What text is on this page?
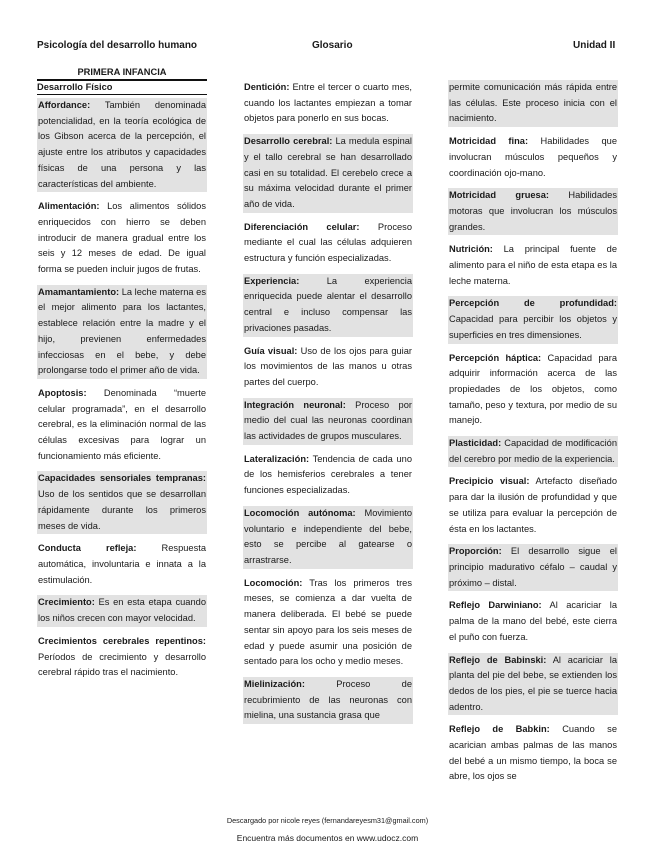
Psicología del desarrollo humano	Glosario	Unidad II
PRIMERA INFANCIA
Desarrollo Físico
Affordance: También denominada potencialidad, en la teoría ecológica de los Gibson acerca de la percepción, el ajuste entre los atributos y capacidades físicas de una persona y las características del ambiente.
Alimentación: Los alimentos sólidos enriquecidos con hierro se deben introducir de manera gradual entre los seis y 12 meses de edad. De igual forma se pueden incluir jugos de frutas.
Amamantamiento: La leche materna es el mejor alimento para los lactantes, establece relación entre la madre y el hijo, previenen enfermedades infecciosas en el bebe, y debe prolongarse todo el primer año de vida.
Apoptosis: Denominada “muerte celular programada”, en el desarrollo cerebral, es la eliminación normal de las células excesivas para lograr un funcionamiento más eficiente.
Capacidades sensoriales tempranas: Uso de los sentidos que se desarrollan rápidamente durante los primeros meses de vida.
Conducta refleja: Respuesta automática, involuntaria e innata a la estimulación.
Crecimiento: Es en esta etapa cuando los niños crecen con mayor velocidad.
Crecimientos cerebrales repentinos: Períodos de crecimiento y desarrollo cerebral rápido tras el nacimiento.
Dentición: Entre el tercer o cuarto mes, cuando los lactantes empiezan a tomar objetos para ponerlo en sus bocas.
Desarrollo cerebral: La medula espinal y el tallo cerebral se han desarrollado casi en su totalidad. El cerebelo crece a su máxima velocidad durante el primer año de vida.
Diferenciación celular: Proceso mediante el cual las células adquieren estructura y función especializadas.
Experiencia: La experiencia enriquecida puede alentar el desarrollo central e incluso compensar las privaciones pasadas.
Guía visual: Uso de los ojos para guiar los movimientos de las manos u otras partes del cuerpo.
Integración neuronal: Proceso por medio del cual las neuronas coordinan las actividades de grupos musculares.
Lateralización: Tendencia de cada uno de los hemisferios cerebrales a tener funciones especializadas.
Locomoción autónoma: Movimiento voluntario e independiente del bebe, esto se percibe al gatearse o arrastrarse.
Locomoción: Tras los primeros tres meses, se comienza a dar vuelta de manera deliberada. El bebé se puede sentar sin apoyo para los seis meses de edad y puede asumir una posición de sentado para los ocho y medio meses.
Mielinización: Proceso de recubrimiento de las neuronas con mielina, una sustancia grasa que
permite comunicación más rápida entre las células. Este proceso inicia con el nacimiento.
Motricidad fina: Habilidades que involucran músculos pequeños y coordinación ojo-mano.
Motricidad gruesa: Habilidades motoras que involucran los músculos grandes.
Nutrición: La principal fuente de alimento para el niño de esta etapa es la leche materna.
Percepción de profundidad: Capacidad para percibir los objetos y superficies en tres dimensiones.
Percepción háptica: Capacidad para adquirir información acerca de las propiedades de los objetos, como tamaño, peso y textura, por medio de su manejo.
Plasticidad: Capacidad de modificación del cerebro por medio de la experiencia.
Precipicio visual: Artefacto diseñado para dar la ilusión de profundidad y que se utiliza para evaluar la percepción de ésta en los lactantes.
Proporción: El desarrollo sigue el principio madurativo céfalo – caudal y próximo – distal.
Reflejo Darwiniano: Al acariciar la palma de la mano del bebé, este cierra el puño con fuerza.
Reflejo de Babinski: Al acariciar la planta del pie del bebe, se extienden los dedos de los pies, el pie se tuerce hacia adentro.
Reflejo de Babkin: Cuando se acarician ambas palmas de las manos del bebé a un mismo tiempo, la boca se abre, los ojos se
Descargado por nicole reyes (fernandareyesm31@gmail.com)
Encuentra más documentos en www.udocz.com
